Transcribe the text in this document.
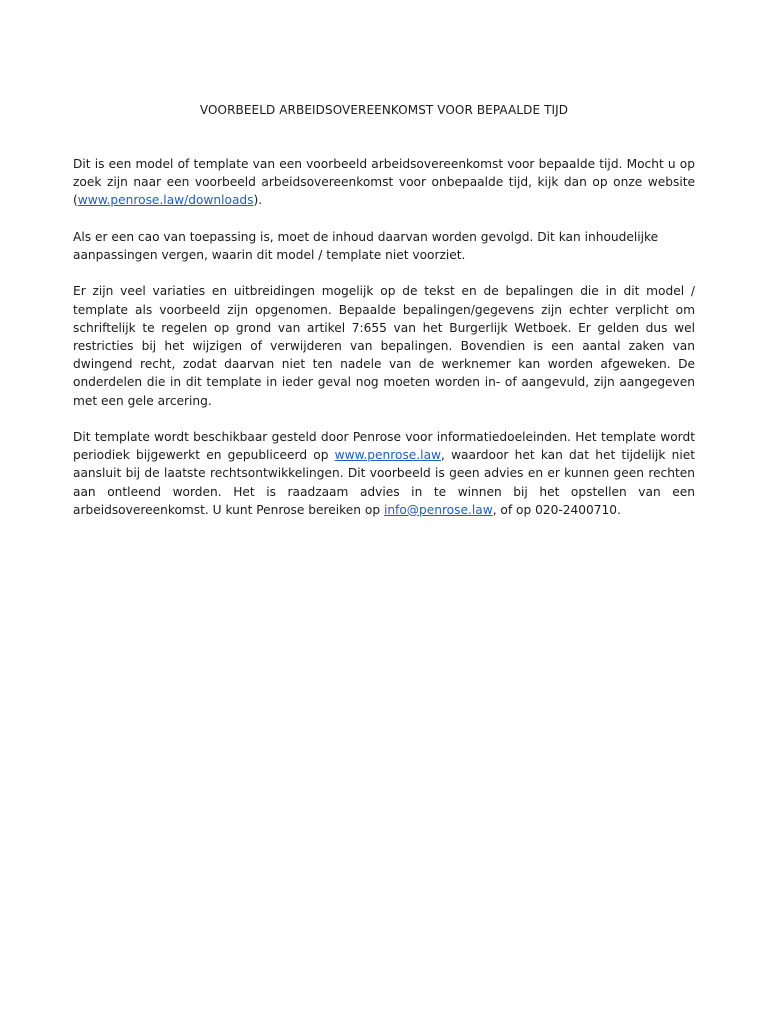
VOORBEELD ARBEIDSOVEREENKOMST VOOR BEPAALDE TIJD

Dit is een model of template van een voorbeeld arbeidsovereenkomst voor bepaalde tijd. Mocht u op zoek zijn naar een voorbeeld arbeidsovereenkomst voor onbepaalde tijd, kijk dan op onze website (www.penrose.law/downloads).

Als er een cao van toepassing is, moet de inhoud daarvan worden gevolgd. Dit kan inhoudelijke aanpassingen vergen, waarin dit model / template niet voorziet.

Er zijn veel variaties en uitbreidingen mogelijk op de tekst en de bepalingen die in dit model / template als voorbeeld zijn opgenomen. Bepaalde bepalingen/gegevens zijn echter verplicht om schriftelijk te regelen op grond van artikel 7:655 van het Burgerlijk Wetboek. Er gelden dus wel restricties bij het wijzigen of verwijderen van bepalingen. Bovendien is een aantal zaken van dwingend recht, zodat daarvan niet ten nadele van de werknemer kan worden afgeweken. De onderdelen die in dit template in ieder geval nog moeten worden in- of aangevuld, zijn aangegeven met een gele arcering.

Dit template wordt beschikbaar gesteld door Penrose voor informatiedoeleinden. Het template wordt periodiek bijgewerkt en gepubliceerd op www.penrose.law, waardoor het kan dat het tijdelijk niet aansluit bij de laatste rechtsontwikkelingen. Dit voorbeeld is geen advies en er kunnen geen rechten aan ontleend worden. Het is raadzaam advies in te winnen bij het opstellen van een arbeidsovereenkomst. U kunt Penrose bereiken op info@penrose.law, of op 020-2400710.
